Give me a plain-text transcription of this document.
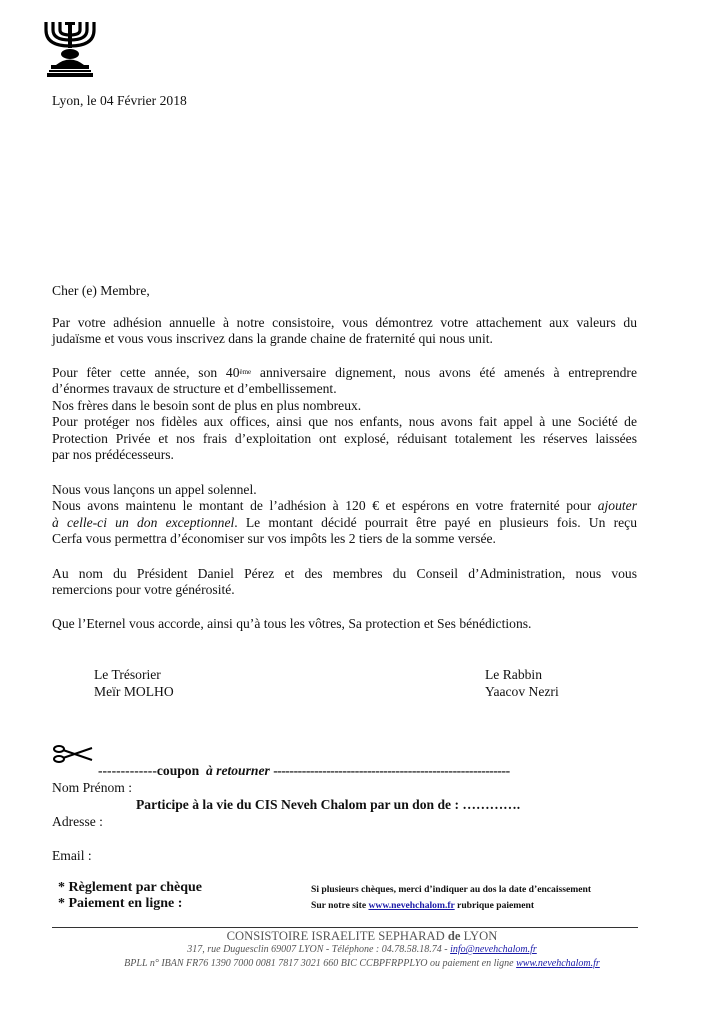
Lyon, le 04 Février 2018
Cher (e) Membre,
Par votre adhésion annuelle à notre consistoire, vous démontrez votre attachement aux valeurs du
judaïsme et vous vous inscrivez dans la grande chaine de fraternité qui nous unit.
Pour fêter cette année, son 40ème anniversaire dignement, nous avons été amenés à entreprendre
d’énormes travaux de structure et d’embellissement.
Nos frères dans le besoin sont de plus en plus nombreux.
Pour protéger nos fidèles aux offices, ainsi que nos enfants, nous avons fait appel à une Société de
Protection Privée et nos frais d’exploitation ont explosé, réduisant totalement les réserves laissées
par nos prédécesseurs.
Nous vous lançons un appel solennel.
Nous avons maintenu le montant de l’adhésion à 120 € et espérons en votre fraternité pour ajouter
à celle-ci un don exceptionnel. Le montant décidé pourrait être payé en plusieurs fois. Un reçu
Cerfa vous permettra d’économiser sur vos impôts les 2 tiers de la somme versée.
Au nom du Président Daniel Pérez et des membres du Conseil d’Administration, nous vous
remercions pour votre générosité.
Que l’Eternel vous accorde, ainsi qu’à tous les vôtres, Sa protection et Ses bénédictions.
Le Trésorier
Meïr MOLHO
Le Rabbin
Yaacov Nezri
-------------coupon à retourner ----------------------------------------------------------
Nom Prénom :
Participe à la vie du CIS Neveh Chalom par un don de : ………….
Adresse :
Email :
* Règlement par chèque
* Paiement en ligne :
Si plusieurs chèques, merci d’indiquer au dos la date d’encaissement
Sur notre site www.nevehchalom.fr rubrique paiement
CONSISTOIRE ISRAELITE SEPHARAD de LYON
317, rue Duguesclin 69007 LYON - Téléphone : 04.78.58.18.74 - info@nevehchalom.fr
BPLL n° IBAN FR76 1390 7000 0081 7817 3021 660 BIC CCBPFRPPLYO ou paiement en ligne www.nevehchalom.fr
